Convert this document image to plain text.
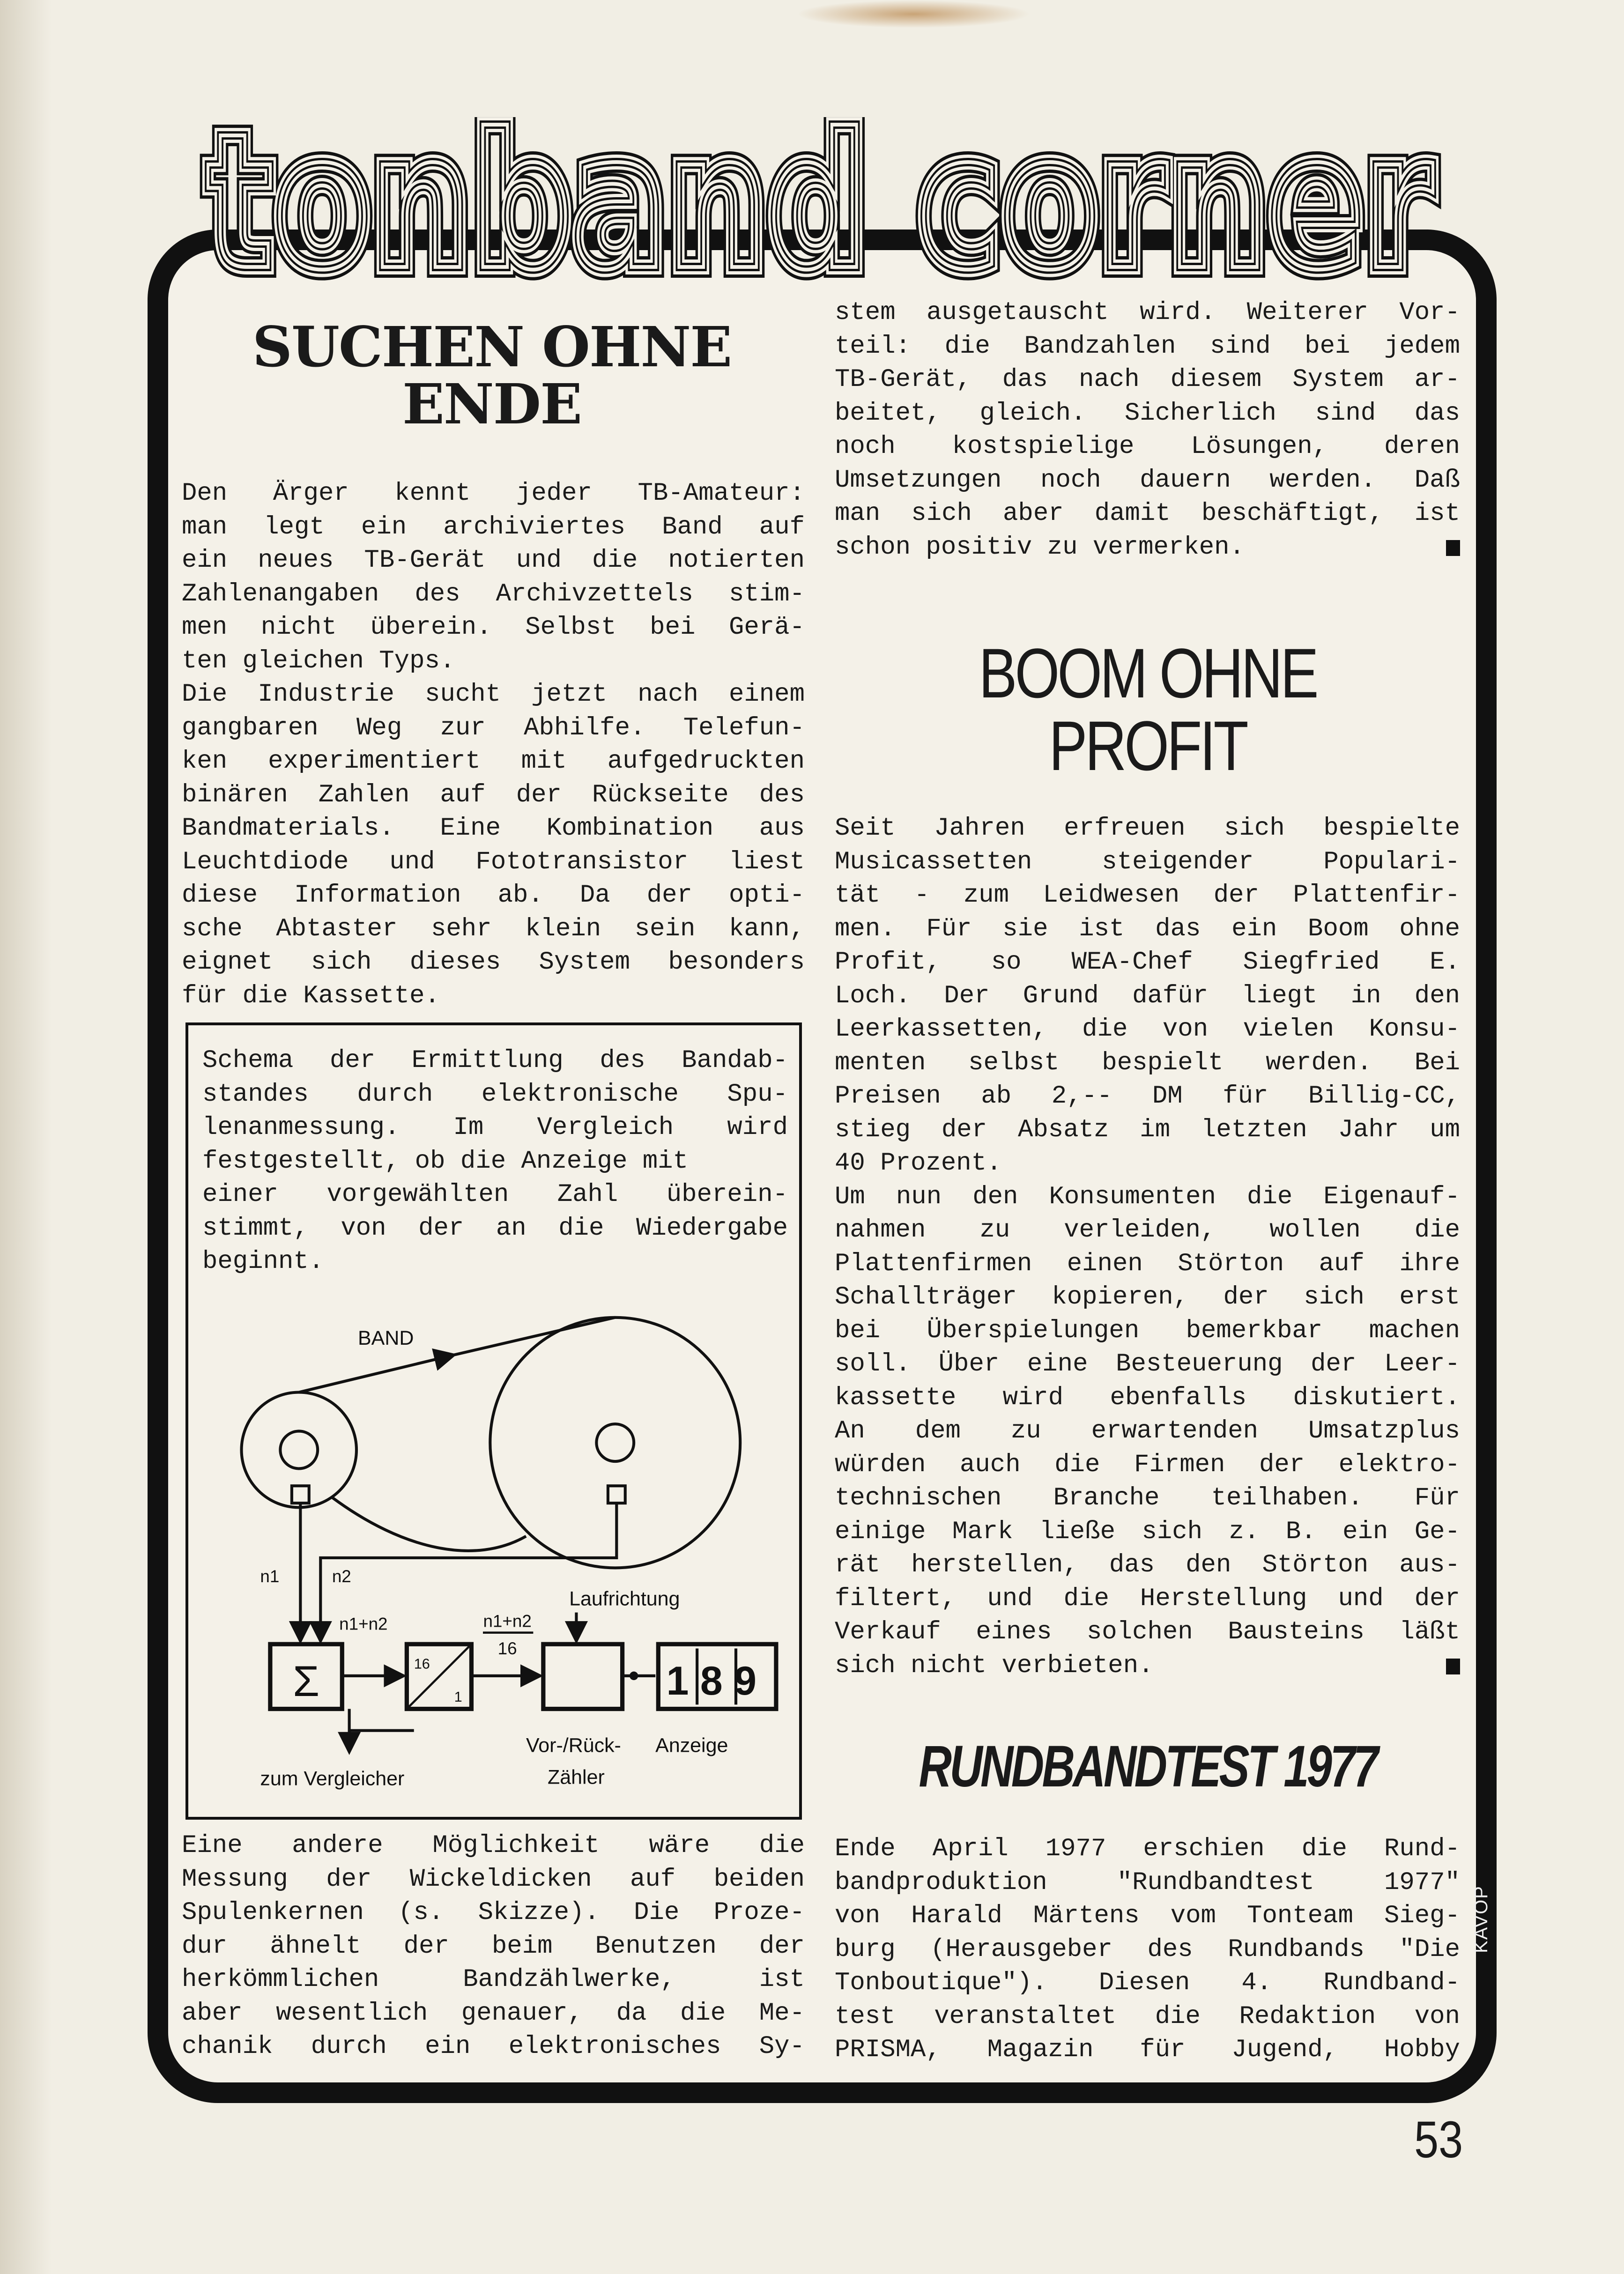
tonband corner
tonband corner
tonband corner
tonband corner
SUCHEN OHNE
ENDE
Den Ärger kennt jeder TB-Amateur:
man legt ein archiviertes Band auf
ein neues TB-Gerät und die notierten
Zahlenangaben des Archivzettels stim-
men nicht überein. Selbst bei Gerä-
ten gleichen Typs.
Die Industrie sucht jetzt nach einem
gangbaren Weg zur Abhilfe. Telefun-
ken experimentiert mit aufgedruckten
binären Zahlen auf der Rückseite des
Bandmaterials. Eine Kombination aus
Leuchtdiode und Fototransistor liest
diese Information ab. Da der opti-
sche Abtaster sehr klein sein kann,
eignet sich dieses System besonders
für die Kassette.
Schema der Ermittlung des Bandab-
standes durch elektronische Spu-
lenanmessung. Im Vergleich wird
festgestellt, ob die Anzeige mit
einer vorgewählten Zahl überein-
stimmt, von der an die Wiedergabe
beginnt.
BAND
n1	n2
n1+n2
Σ	16
1
n1+n2
16
Laufrichtung
189
Vor-/Rück-
Zähler
Anzeige
zum Vergleicher
Eine andere Möglichkeit wäre die
Messung der Wickeldicken auf beiden
Spulenkernen (s. Skizze). Die Proze-
dur ähnelt der beim Benutzen der
herkömmlichen Bandzählwerke, ist
aber wesentlich genauer, da die Me-
chanik durch ein elektronisches Sy-
stem ausgetauscht wird. Weiterer Vor-
teil: die Bandzahlen sind bei jedem
TB-Gerät, das nach diesem System ar-
beitet, gleich. Sicherlich sind das
noch kostspielige Lösungen, deren
Umsetzungen noch dauern werden. Daß
man sich aber damit beschäftigt, ist
schon positiv zu vermerken.
BOOM OHNE
PROFIT
Seit Jahren erfreuen sich bespielte
Musicassetten steigender Populari-
tät - zum Leidwesen der Plattenfir-
men. Für sie ist das ein Boom ohne
Profit, so WEA-Chef Siegfried E.
Loch. Der Grund dafür liegt in den
Leerkassetten, die von vielen Konsu-
menten selbst bespielt werden. Bei
Preisen ab 2,-- DM für Billig-CC,
stieg der Absatz im letzten Jahr um
40 Prozent.
Um nun den Konsumenten die Eigenauf-
nahmen zu verleiden, wollen die
Plattenfirmen einen Störton auf ihre
Schallträger kopieren, der sich erst
bei Überspielungen bemerkbar machen
soll. Über eine Besteuerung der Leer-
kassette wird ebenfalls diskutiert.
An dem zu erwartenden Umsatzplus
würden auch die Firmen der elektro-
technischen Branche teilhaben. Für
einige Mark ließe sich z. B. ein Ge-
rät herstellen, das den Störton aus-
filtert, und die Herstellung und der
Verkauf eines solchen Bausteins läßt
sich nicht verbieten.
RUNDBANDTEST 1977
Ende April 1977 erschien die Rund-
bandproduktion "Rundbandtest 1977"
von Harald Märtens vom Tonteam Sieg-
burg (Herausgeber des Rundbands "Die
Tonboutique"). Diesen 4. Rundband-
test veranstaltet die Redaktion von
PRISMA, Magazin für Jugend, Hobby
KAVOP
53
